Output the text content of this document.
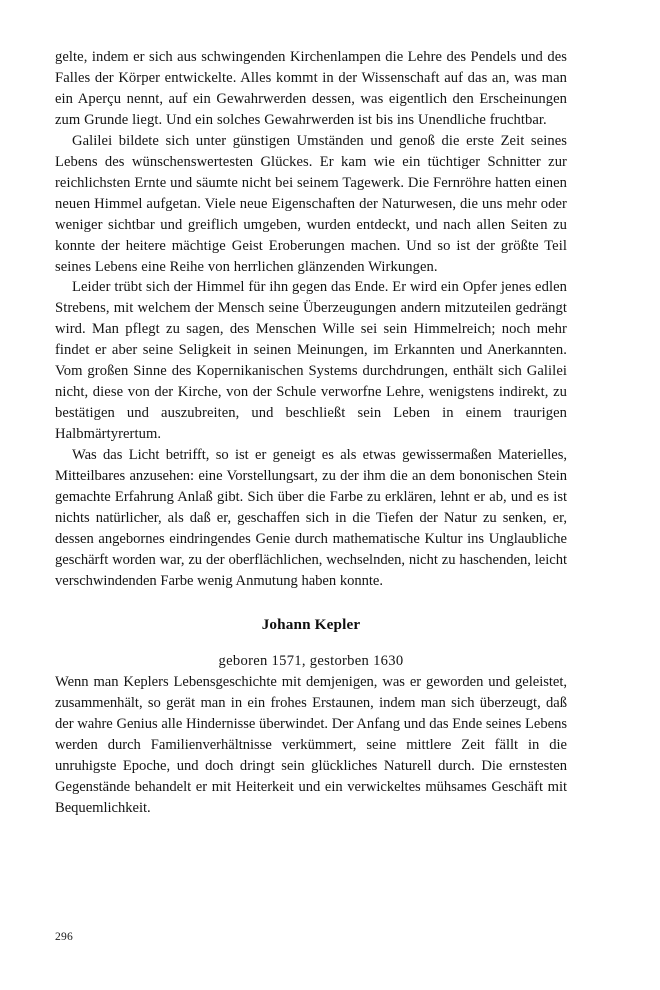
gelte, indem er sich aus schwingenden Kirchenlampen die Lehre des Pendels und des Falles der Körper entwickelte. Alles kommt in der Wissenschaft auf das an, was man ein Aperçu nennt, auf ein Gewahrwerden dessen, was eigentlich den Erscheinungen zum Grunde liegt. Und ein solches Gewahrwerden ist bis ins Unendliche fruchtbar.

Galilei bildete sich unter günstigen Umständen und genoß die erste Zeit seines Lebens des wünschenswertesten Glückes. Er kam wie ein tüchtiger Schnitter zur reichlichsten Ernte und säumte nicht bei seinem Tagewerk. Die Fernröhre hatten einen neuen Himmel aufgetan. Viele neue Eigenschaften der Naturwesen, die uns mehr oder weniger sichtbar und greiflich umgeben, wurden entdeckt, und nach allen Seiten zu konnte der heitere mächtige Geist Eroberungen machen. Und so ist der größte Teil seines Lebens eine Reihe von herrlichen glänzenden Wirkungen.

Leider trübt sich der Himmel für ihn gegen das Ende. Er wird ein Opfer jenes edlen Strebens, mit welchem der Mensch seine Überzeugungen andern mitzuteilen gedrängt wird. Man pflegt zu sagen, des Menschen Wille sei sein Himmelreich; noch mehr findet er aber seine Seligkeit in seinen Meinungen, im Erkannten und Anerkannten. Vom großen Sinne des Kopernikanischen Systems durchdrungen, enthält sich Galilei nicht, diese von der Kirche, von der Schule verworfne Lehre, wenigstens indirekt, zu bestätigen und auszubreiten, und beschließt sein Leben in einem traurigen Halbmärtyrertum.

Was das Licht betrifft, so ist er geneigt es als etwas gewissermaßen Materielles, Mitteilbares anzusehen: eine Vorstellungsart, zu der ihm die an dem bononischen Stein gemachte Erfahrung Anlaß gibt. Sich über die Farbe zu erklären, lehnt er ab, und es ist nichts natürlicher, als daß er, geschaffen sich in die Tiefen der Natur zu senken, er, dessen angebornes eindringendes Genie durch mathematische Kultur ins Unglaubliche geschärft worden war, zu der oberflächlichen, wechselnden, nicht zu haschenden, leicht verschwindenden Farbe wenig Anmutung haben konnte.

Johann Kepler

geboren 1571, gestorben 1630

Wenn man Keplers Lebensgeschichte mit demjenigen, was er geworden und geleistet, zusammenhält, so gerät man in ein frohes Erstaunen, indem man sich überzeugt, daß der wahre Genius alle Hindernisse überwindet. Der Anfang und das Ende seines Lebens werden durch Familienverhältnisse verkümmert, seine mittlere Zeit fällt in die unruhigste Epoche, und doch dringt sein glückliches Naturell durch. Die ernstesten Gegenstände behandelt er mit Heiterkeit und ein verwickeltes mühsames Geschäft mit Bequemlichkeit.

296
